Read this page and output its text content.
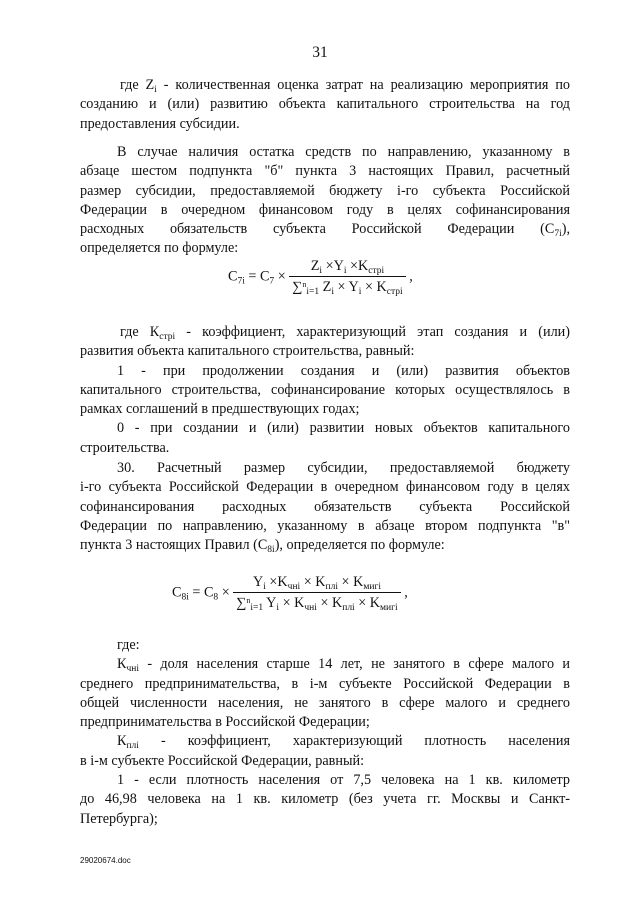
31
где $Z_i$ - количественная оценка затрат на реализацию мероприятия по
созданию и (или) развитию объекта капитального строительства на год
предоставления субсидии.
В случае наличия остатка средств по направлению, указанному в
абзаце шестом подпункта "б" пункта 3 настоящих Правил, расчетный
размер субсидии, предоставляемой бюджету i-го субъекта Российской
Федерации в очередном финансовом году в целях софинансирования
расходных обязательств субъекта Российской Федерации $(С_{7i})$,
определяется по формуле:
$C_{7i} = C_7 \times \frac{Z_i \times Y_i \times K_{стрi}}{\sum^n_{i=1} Z_i \times Y_i \times K_{стрi}}$ ,
где $К_{стрi}$ - коэффициент, характеризующий этап создания и (или)
развития объекта капитального строительства, равный:
1 - при продолжении создания и (или) развития объектов
капитального строительства, софинансирование которых осуществлялось в
рамках соглашений в предшествующих годах;
0 - при создании и (или) развитии новых объектов капитального
строительства.
30. Расчетный размер субсидии, предоставляемой бюджету
i-го субъекта Российской Федерации в очередном финансовом году в целях
софинансирования расходных обязательств субъекта Российской
Федерации по направлению, указанному в абзаце втором подпункта "в"
пункта 3 настоящих Правил $(С_{8i})$, определяется по формуле:
$C_{8i} = C_8 \times \frac{Y_i \times K_{чнi} \times K_{плi} \times K_{мигi}}{\sum^n_{i=1} Y_i \times K_{чнi} \times K_{плi} \times K_{мигi}}$ ,
где:
$К_{чнi}$ - доля населения старше 14 лет, не занятого в сфере малого и
среднего предпринимательства, в i-м субъекте Российской Федерации в
общей численности населения, не занятого в сфере малого и среднего
предпринимательства в Российской Федерации;
$К_{плi}$ - коэффициент, характеризующий плотность населения
в i-м субъекте Российской Федерации, равный:
1 - если плотность населения от 7,5 человека на 1 кв. километр
до 46,98 человека на 1 кв. километр (без учета гг. Москвы и Санкт-
Петербурга);
29020674.doc
